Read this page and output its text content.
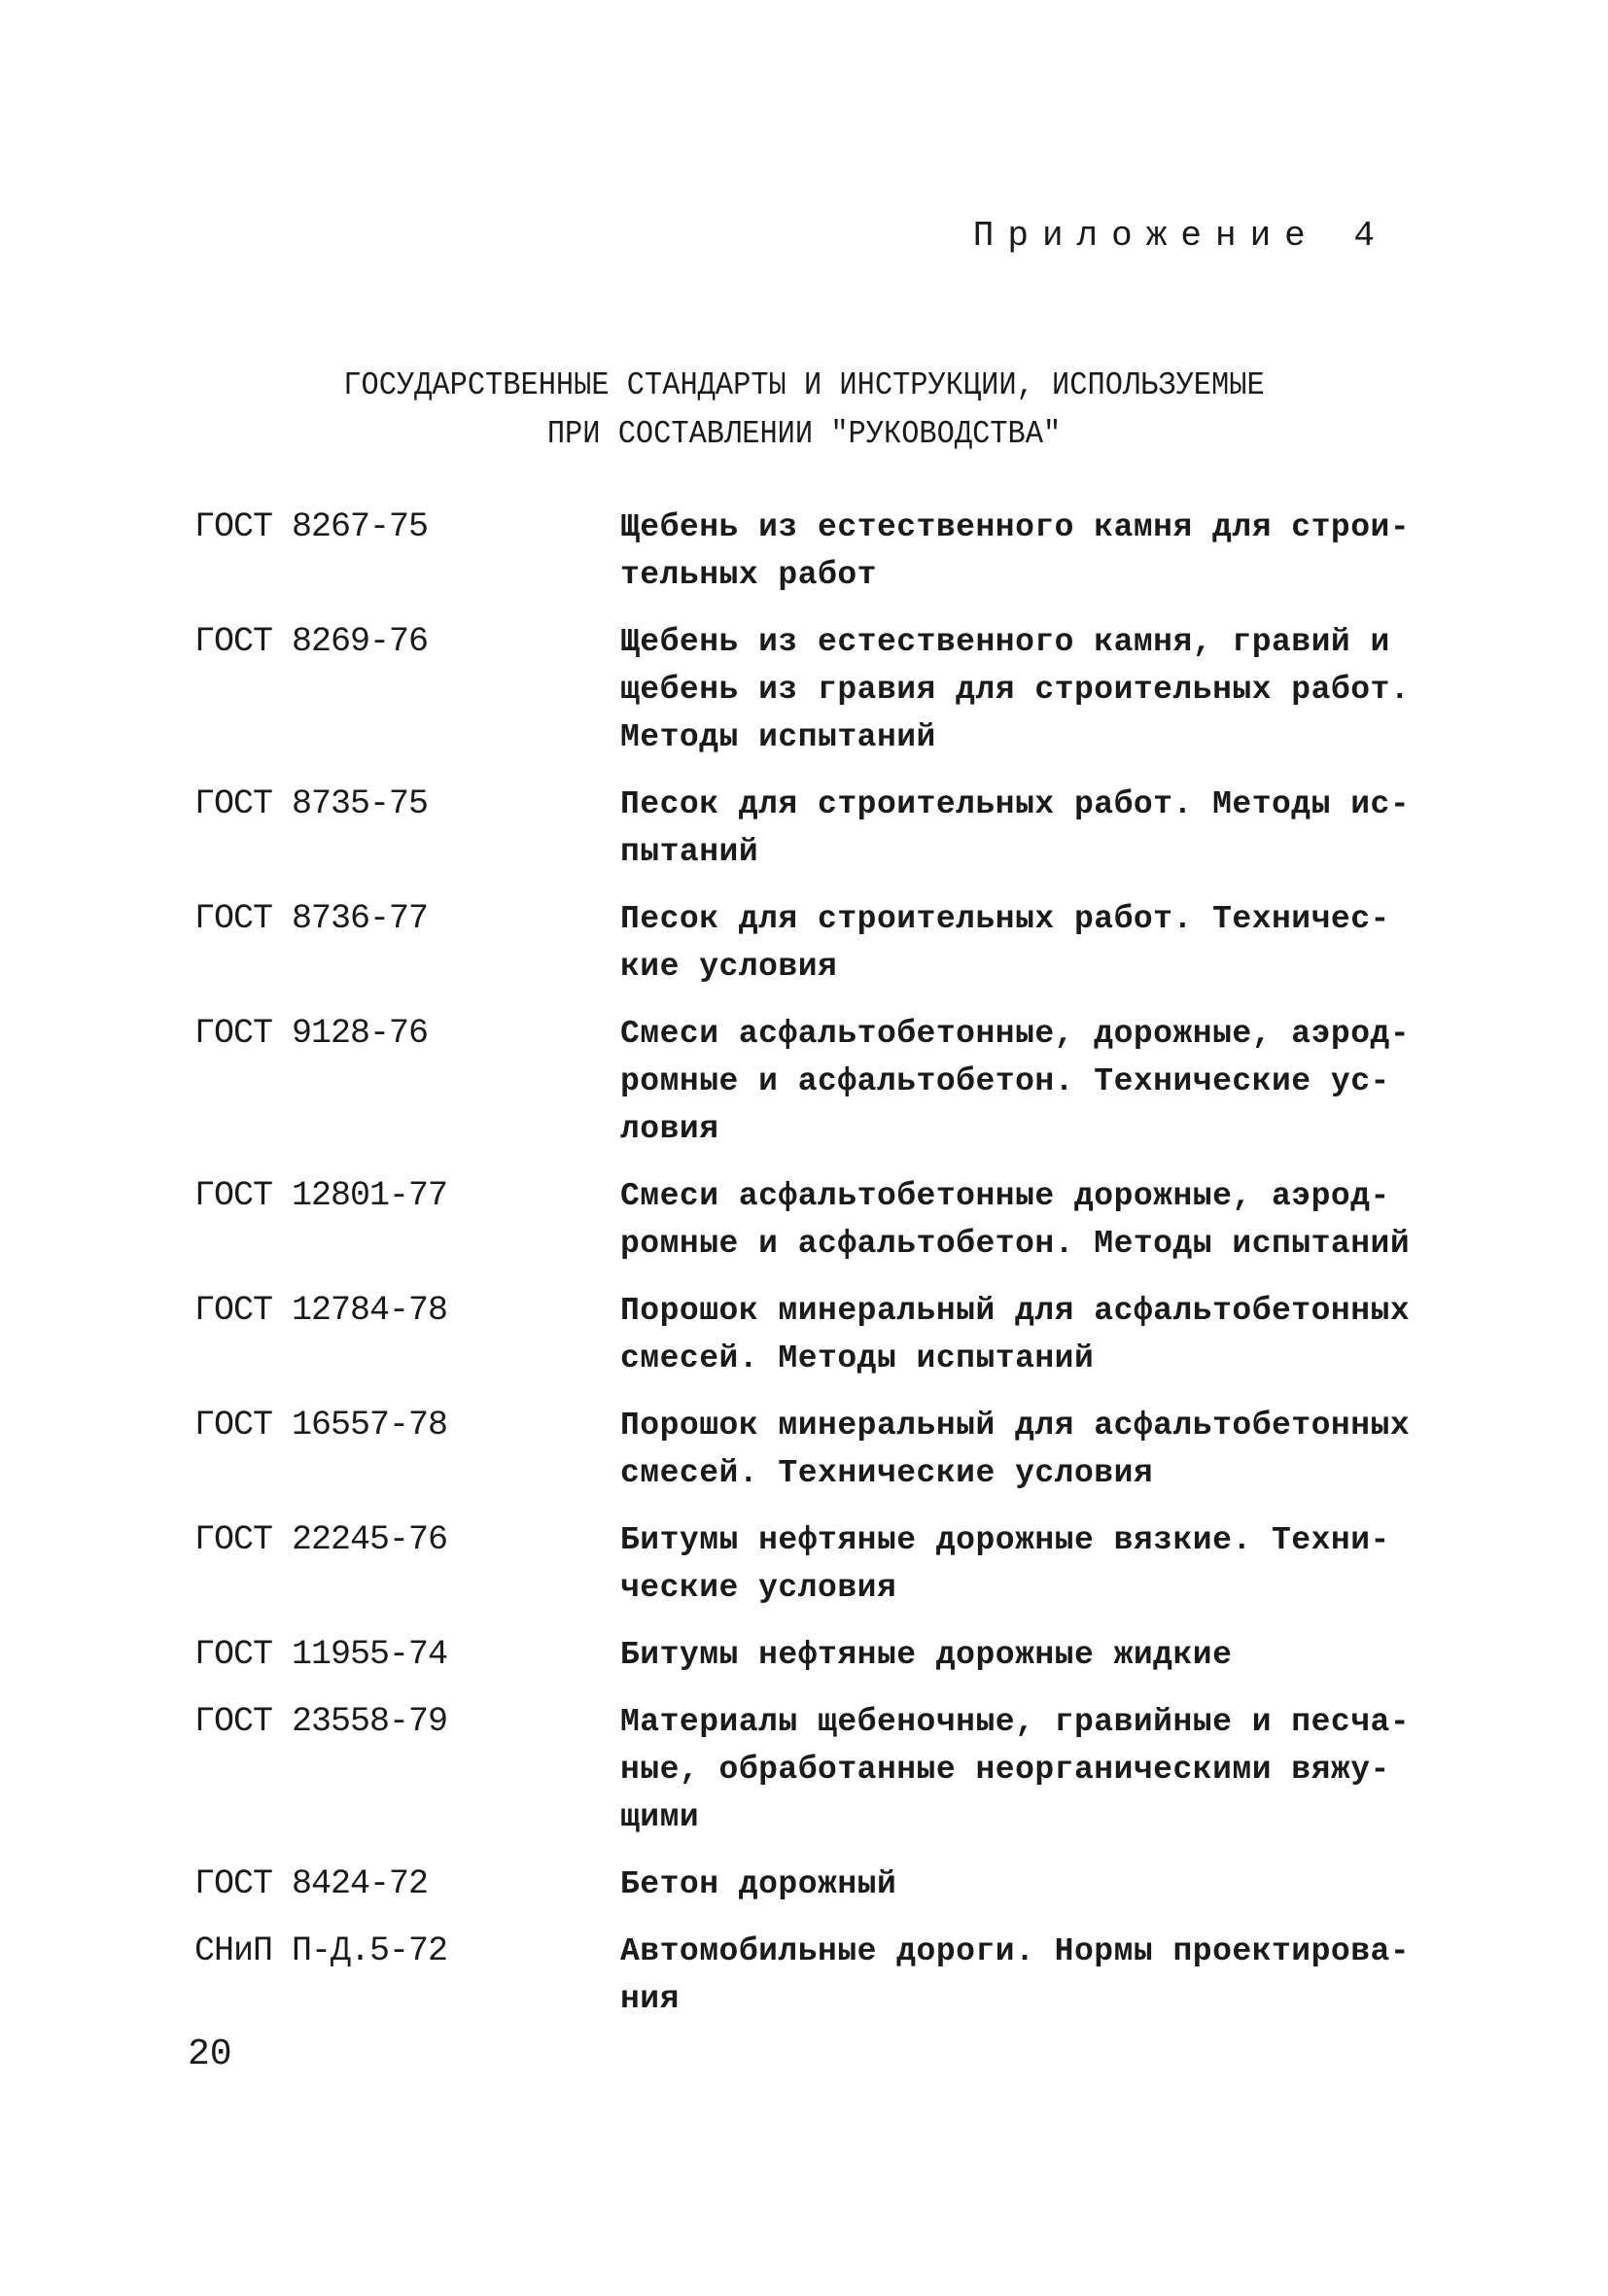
Приложение 4
ГОСУДАРСТВЕННЫЕ СТАНДАРТЫ И ИНСТРУКЦИИ, ИСПОЛЬЗУЕМЫЕ
ПРИ СОСТАВЛЕНИИ "РУКОВОДСТВА"
ГОСТ 8267-75	Щебень из естественного камня для строи-
тельных работ
ГОСТ 8269-76	Щебень из естественного камня, гравий и
щебень из гравия для строительных работ.
Методы испытаний
ГОСТ 8735-75	Песок для строительных работ. Методы ис-
пытаний
ГОСТ 8736-77	Песок для строительных работ. Техничес-
кие условия
ГОСТ 9128-76	Смеси асфальтобетонные, дорожные, аэрод-
ромные и асфальтобетон. Технические ус-
ловия
ГОСТ 12801-77	Смеси асфальтобетонные дорожные, аэрод-
ромные и асфальтобетон. Методы испытаний
ГОСТ 12784-78	Порошок минеральный для асфальтобетонных
смесей. Методы испытаний
ГОСТ 16557-78	Порошок минеральный для асфальтобетонных
смесей. Технические условия
ГОСТ 22245-76	Битумы нефтяные дорожные вязкие. Техни-
ческие условия
ГОСТ 11955-74	Битумы нефтяные дорожные жидкие
ГОСТ 23558-79	Материалы щебеночные, гравийные и песча-
ные, обработанные неорганическими вяжу-
щими
ГОСТ 8424-72	Бетон дорожный
СНиП П-Д.5-72	Автомобильные дороги. Нормы проектирова-
ния
20
